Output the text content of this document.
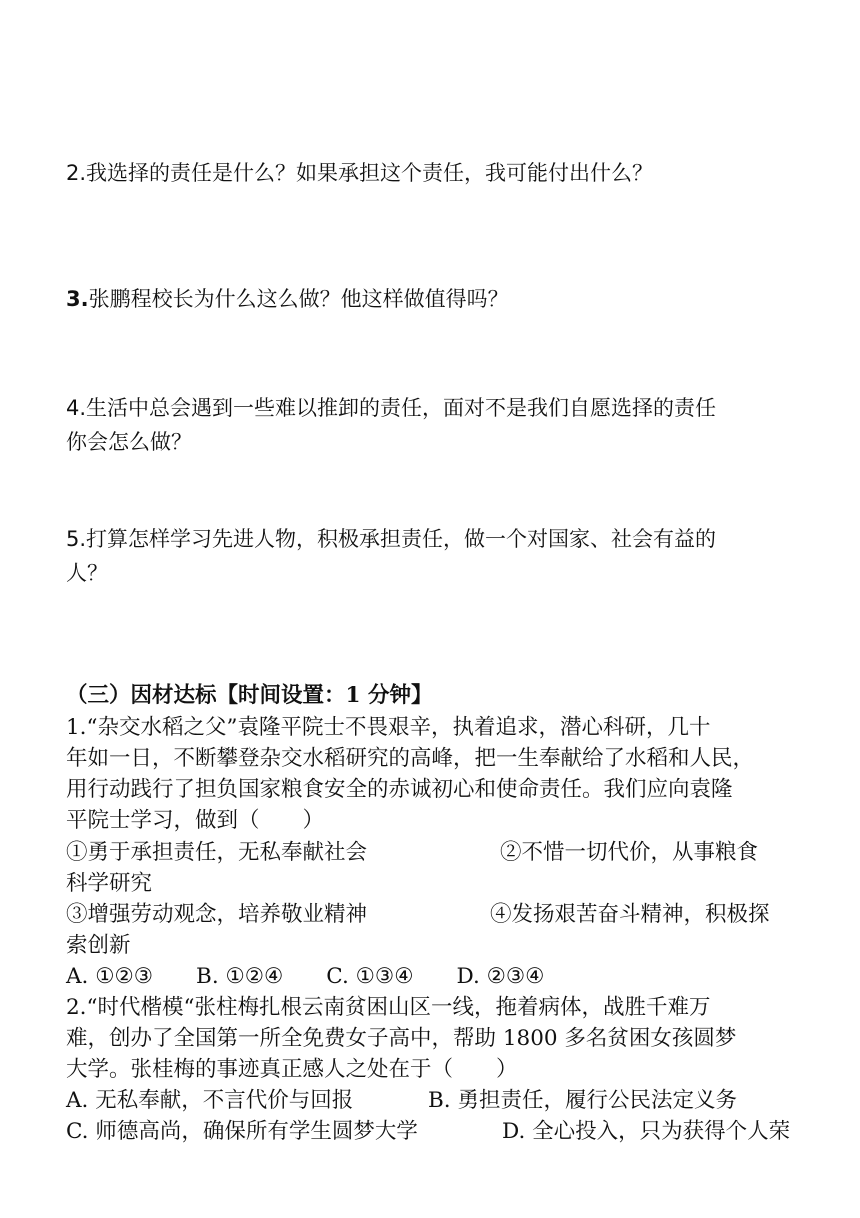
2.我选择的责任是什么？如果承担这个责任，我可能付出什么？
3.张鹏程校长为什么这么做？他这样做值得吗？
4.生活中总会遇到一些难以推卸的责任，面对不是我们自愿选择的责任
你会怎么做？
5.打算怎样学习先进人物，积极承担责任，做一个对国家、社会有益的
人？
（三）因材达标【时间设置：1 分钟】
1.“杂交水稻之父”袁隆平院士不畏艰辛，执着追求，潜心科研，几十
年如一日，不断攀登杂交水稻研究的高峰，把一生奉献给了水稻和人民，
用行动践行了担负国家粮食安全的赤诚初心和使命责任。我们应向袁隆
平院士学习，做到（　　）
①勇于承担责任，无私奉献社会	②不惜一切代价，从事粮食
科学研究
③增强劳动观念，培养敬业精神	④发扬艰苦奋斗精神，积极探
索创新
A. ①②③　　B. ①②④　　C. ①③④　　D. ②③④
2.“时代楷模“张柱梅扎根云南贫困山区一线，拖着病体，战胜千难万
难，创办了全国第一所全免费女子高中，帮助 1800 多名贫困女孩圆梦
大学。张桂梅的事迹真正感人之处在于（　　）
A. 无私奉献，不言代价与回报	B. 勇担责任，履行公民法定义务
C. 师德高尚，确保所有学生圆梦大学	D. 全心投入，只为获得个人荣
